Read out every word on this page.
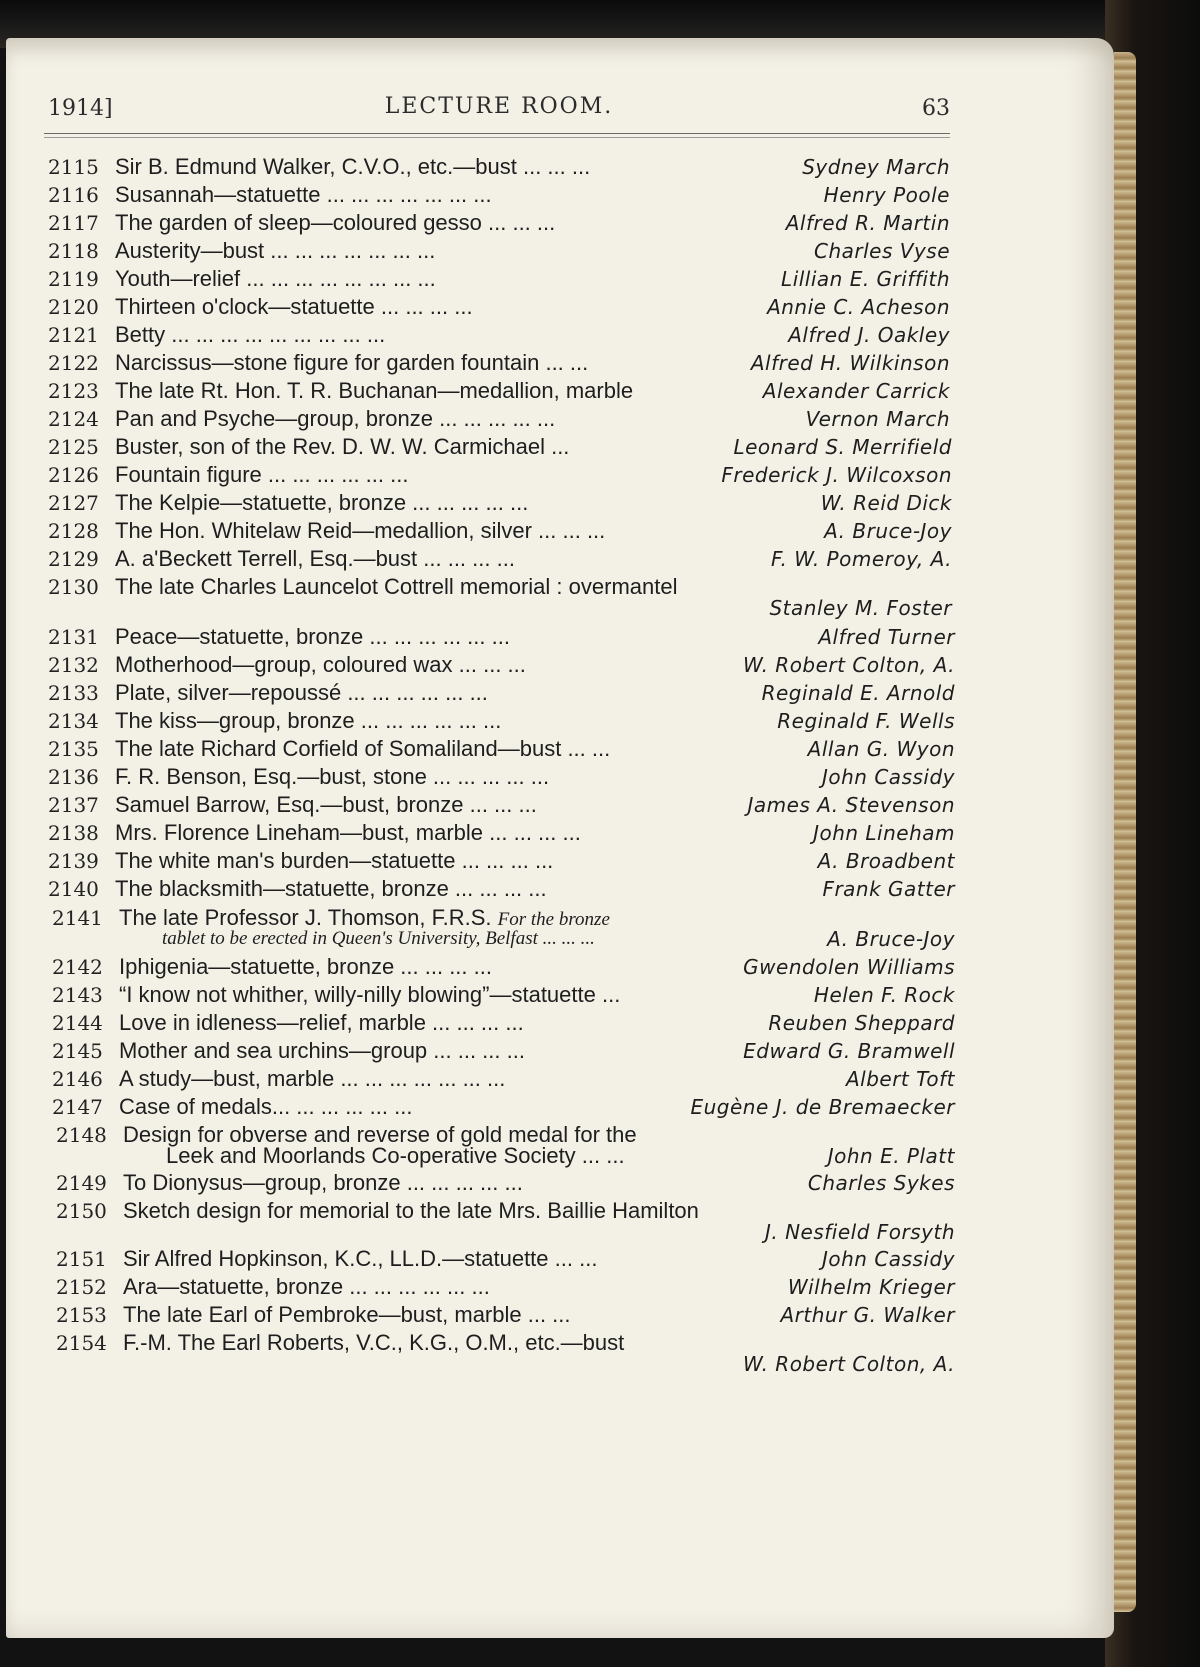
1914]	LECTURE ROOM.	63
2115 Sir B. Edmund Walker, C.V.O., etc.—bust ... ... ...	Sydney March
2116 Susannah—statuette ... ... ... ... ... ... ...	Henry Poole
2117 The garden of sleep—coloured gesso ... ... ...	Alfred R. Martin
2118 Austerity—bust ... ... ... ... ... ... ...	Charles Vyse
2119 Youth—relief ... ... ... ... ... ... ... ...	Lillian E. Griffith
2120 Thirteen o'clock—statuette ... ... ... ...	Annie C. Acheson
2121 Betty ... ... ... ... ... ... ... ... ...	Alfred J. Oakley
2122 Narcissus—stone figure for garden fountain ... ...	Alfred H. Wilkinson
2123 The late Rt. Hon. T. R. Buchanan—medallion, marble	Alexander Carrick
2124 Pan and Psyche—group, bronze ... ... ... ... ...	Vernon March
2125 Buster, son of the Rev. D. W. W. Carmichael ...	Leonard S. Merrifield
2126 Fountain figure ... ... ... ... ... ...	Frederick J. Wilcoxson
2127 The Kelpie—statuette, bronze ... ... ... ... ...	W. Reid Dick
2128 The Hon. Whitelaw Reid—medallion, silver ... ... ...	A. Bruce-Joy
2129 A. a'Beckett Terrell, Esq.—bust ... ... ... ...	F. W. Pomeroy, A.
2130 The late Charles Launcelot Cottrell memorial : overmantel
Stanley M. Foster
2131 Peace—statuette, bronze ... ... ... ... ... ...	Alfred Turner
2132 Motherhood—group, coloured wax ... ... ...	W. Robert Colton, A.
2133 Plate, silver—repoussé ... ... ... ... ... ...	Reginald E. Arnold
2134 The kiss—group, bronze ... ... ... ... ... ...	Reginald F. Wells
2135 The late Richard Corfield of Somaliland—bust ... ...	Allan G. Wyon
2136 F. R. Benson, Esq.—bust, stone ... ... ... ... ...	John Cassidy
2137 Samuel Barrow, Esq.—bust, bronze ... ... ...	James A. Stevenson
2138 Mrs. Florence Lineham—bust, marble ... ... ... ...	John Lineham
2139 The white man's burden—statuette ... ... ... ...	A. Broadbent
2140 The blacksmith—statuette, bronze ... ... ... ...	Frank Gatter
2141 The late Professor J. Thomson, F.R.S. For the bronze
tablet to be erected in Queen's University, Belfast ... ... ...	A. Bruce-Joy
2142 Iphigenia—statuette, bronze ... ... ... ...	Gwendolen Williams
2143 “I know not whither, willy-nilly blowing”—statuette ...	Helen F. Rock
2144 Love in idleness—relief, marble ... ... ... ...	Reuben Sheppard
2145 Mother and sea urchins—group ... ... ... ...	Edward G. Bramwell
2146 A study—bust, marble ... ... ... ... ... ... ...	Albert Toft
2147 Case of medals... ... ... ... ... ...	Eugène J. de Bremaecker
2148 Design for obverse and reverse of gold medal for the
Leek and Moorlands Co-operative Society ... ...	John E. Platt
2149 To Dionysus—group, bronze ... ... ... ... ...	Charles Sykes
2150 Sketch design for memorial to the late Mrs. Baillie Hamilton
J. Nesfield Forsyth
2151 Sir Alfred Hopkinson, K.C., LL.D.—statuette ... ...	John Cassidy
2152 Ara—statuette, bronze ... ... ... ... ... ...	Wilhelm Krieger
2153 The late Earl of Pembroke—bust, marble ... ...	Arthur G. Walker
2154 F.-M. The Earl Roberts, V.C., K.G., O.M., etc.—bust
W. Robert Colton, A.
